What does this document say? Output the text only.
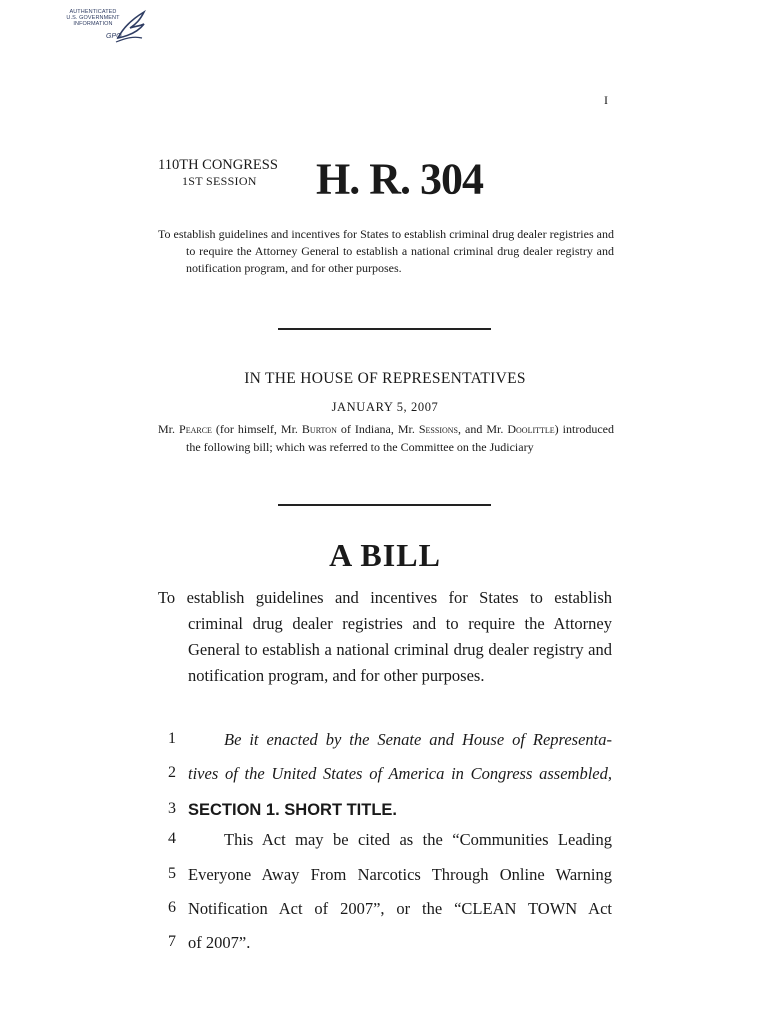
AUTHENTICATED
U.S. GOVERNMENT
INFORMATION
GPO
I
110TH CONGRESS
1ST SESSION H. R. 304
To establish guidelines and incentives for States to establish criminal drug dealer registries and to require the Attorney General to establish a national criminal drug dealer registry and notification program, and for other purposes.
IN THE HOUSE OF REPRESENTATIVES
JANUARY 5, 2007
Mr. Pearce (for himself, Mr. Burton of Indiana, Mr. Sessions, and Mr. Doolittle) introduced the following bill; which was referred to the Committee on the Judiciary
A BILL
To establish guidelines and incentives for States to establish criminal drug dealer registries and to require the Attorney General to establish a national criminal drug dealer registry and notification program, and for other purposes.
1	Be it enacted by the Senate and House of Representa-
2 tives of the United States of America in Congress assembled,
3 SECTION 1. SHORT TITLE.
4	This Act may be cited as the “Communities Leading
5 Everyone Away From Narcotics Through Online Warning
6 Notification Act of 2007”, or the “CLEAN TOWN Act
7 of 2007”.
